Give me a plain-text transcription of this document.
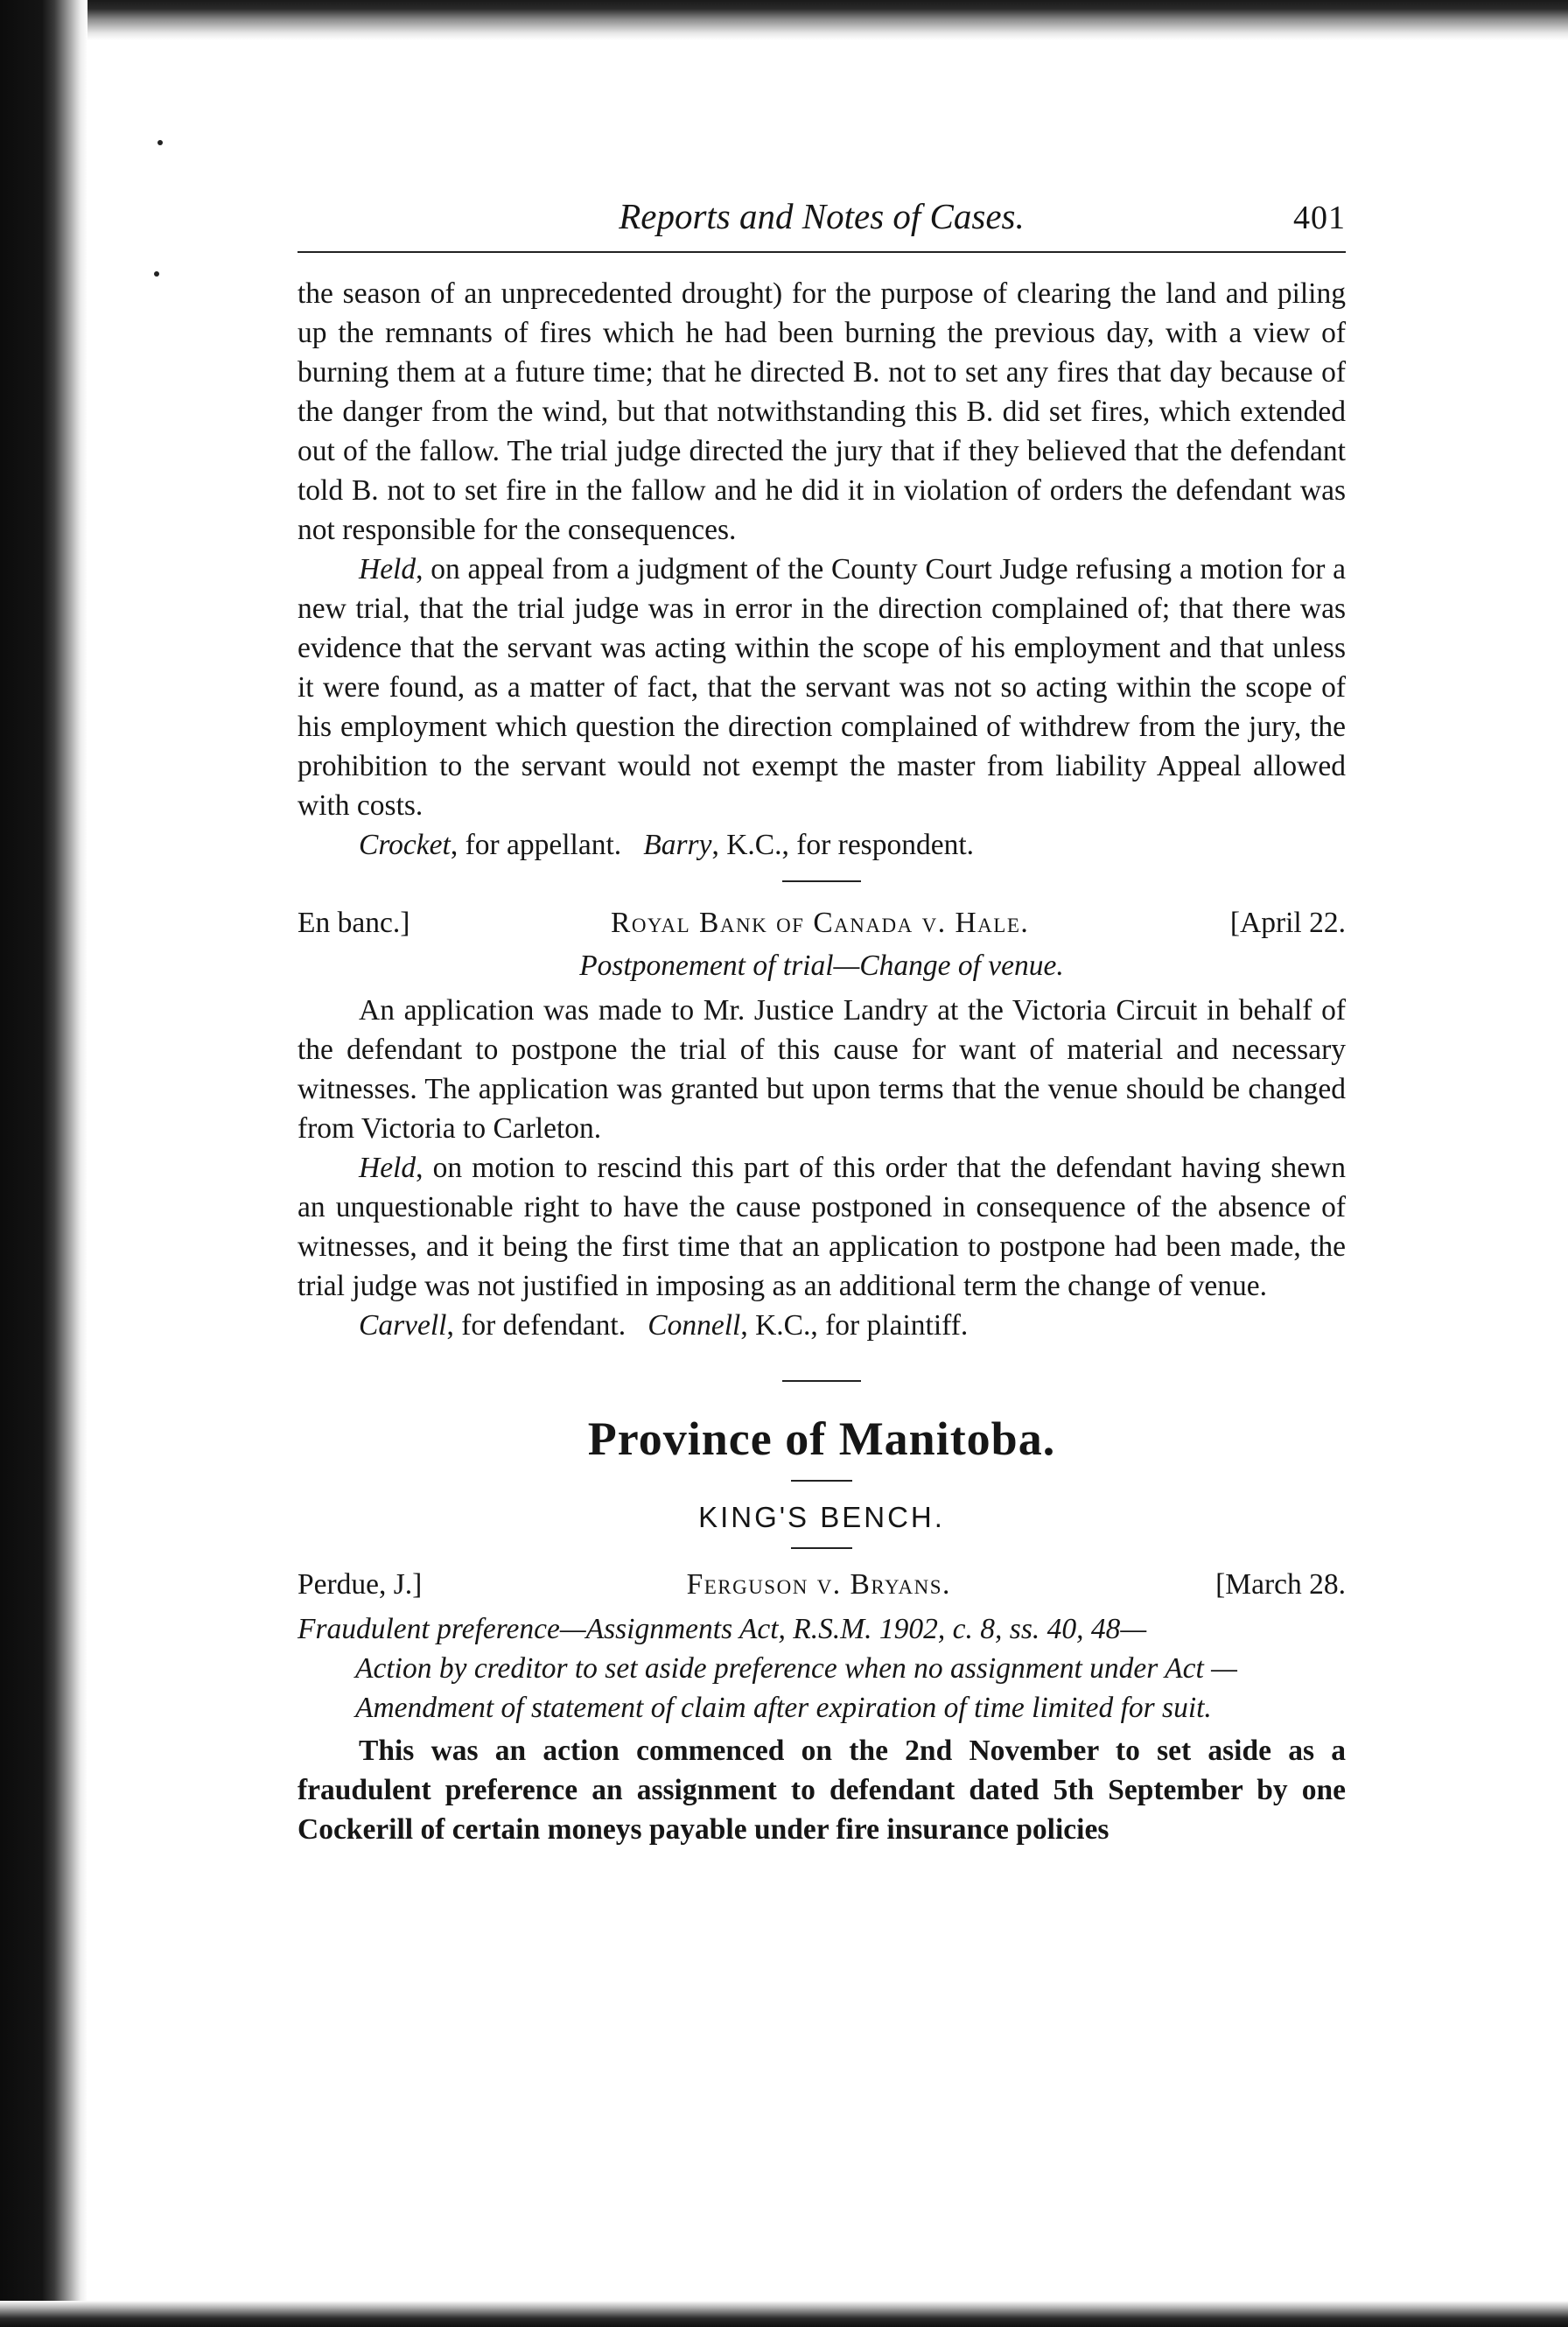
Reports and Notes of Cases.	401

the season of an unprecedented drought) for the purpose of clearing the land and piling up the remnants of fires which he had been burning the previous day, with a view of burning them at a future time; that he directed B. not to set any fires that day because of the danger from the wind, but that notwithstanding this B. did set fires, which extended out of the fallow. The trial judge directed the jury that if they believed that the defendant told B. not to set fire in the fallow and he did it in violation of orders the defendant was not responsible for the consequences.

Held, on appeal from a judgment of the County Court Judge refusing a motion for a new trial, that the trial judge was in error in the direction complained of; that there was evidence that the servant was acting within the scope of his employment and that unless it were found, as a matter of fact, that the servant was not so acting within the scope of his employment which question the direction complained of withdrew from the jury, the prohibition to the servant would not exempt the master from liability Appeal allowed with costs.

Crocket, for appellant. Barry, K.C., for respondent.

En banc.]	Royal Bank of Canada v. Hale.	[April 22.
Postponement of trial—Change of venue.

An application was made to Mr. Justice Landry at the Victoria Circuit in behalf of the defendant to postpone the trial of this cause for want of material and necessary witnesses. The application was granted but upon terms that the venue should be changed from Victoria to Carleton.

Held, on motion to rescind this part of this order that the defendant having shewn an unquestionable right to have the cause postponed in consequence of the absence of witnesses, and it being the first time that an application to postpone had been made, the trial judge was not justified in imposing as an additional term the change of venue.

Carvell, for defendant. Connell, K.C., for plaintiff.

Province of Manitoba.
KING'S BENCH.
Perdue, J.]	Ferguson v. Bryans.	[March 28.
Fraudulent preference—Assignments Act, R.S.M. 1902, c. 8, ss. 40, 48—
Action by creditor to set aside preference when no assignment under Act —Amendment of statement of claim after expiration of time limited for suit.

This was an action commenced on the 2nd November to set aside as a fraudulent preference an assignment to defendant dated 5th September by one Cockerill of certain moneys payable under fire insurance policies
